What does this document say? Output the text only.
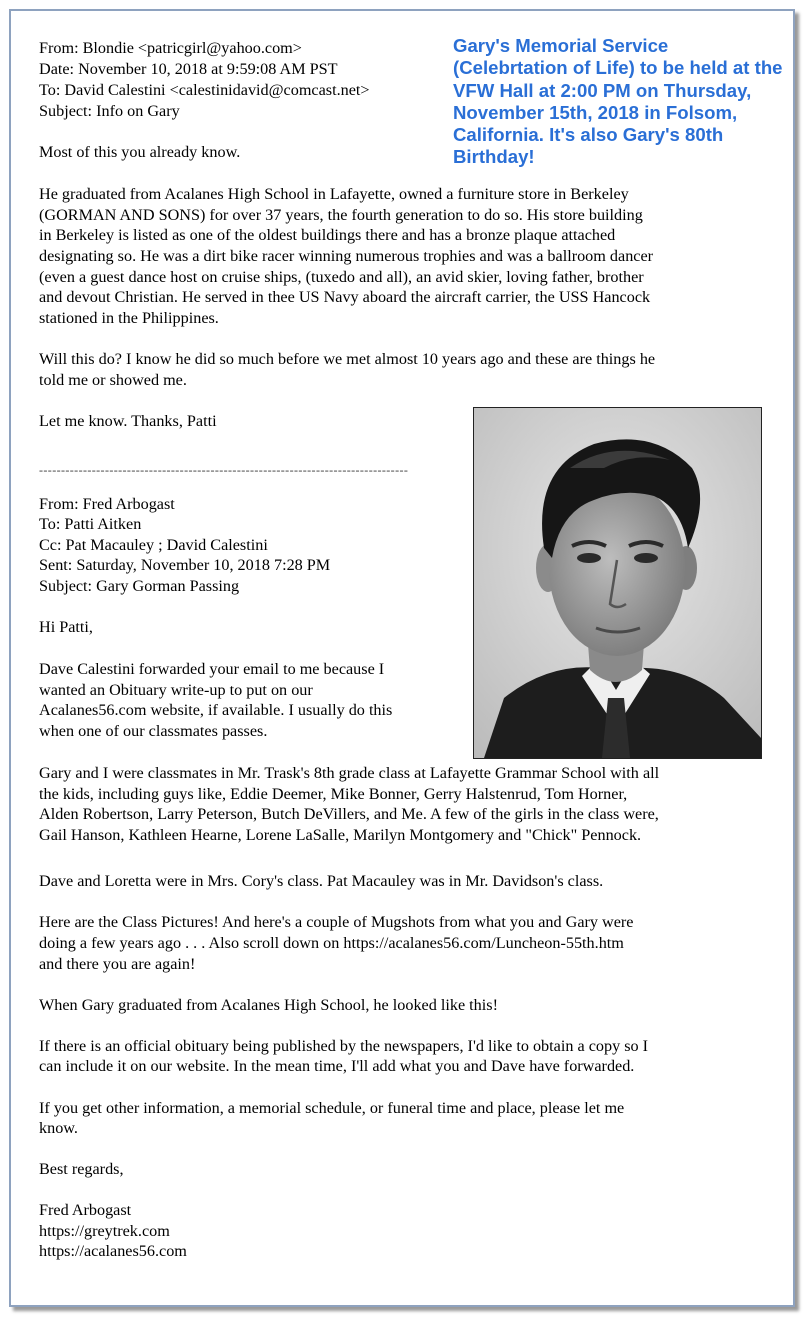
Gary's Memorial Service (Celebrtation of Life) to be held at the VFW Hall at 2:00 PM on Thursday, November 15th, 2018 in Folsom, California. It's also Gary's 80th Birthday!
From: Blondie <patricgirl@yahoo.com>
Date: November 10, 2018 at 9:59:08 AM PST
To: David Calestini <calestinidavid@comcast.net>
Subject: Info on Gary
Most of this you already know.
He graduated from Acalanes High School in Lafayette, owned a furniture store in Berkeley
(GORMAN AND SONS) for over 37 years, the fourth generation to do so. His store building
in Berkeley is listed as one of the oldest buildings there and has a bronze plaque attached
designating so. He was a dirt bike racer winning numerous trophies and was a ballroom dancer
(even a guest dance host on cruise ships, (tuxedo and all), an avid skier, loving father, brother
and devout Christian. He served in thee US Navy aboard the aircraft carrier, the USS Hancock
stationed in the Philippines.
Will this do? I know he did so much before we met almost 10 years ago and these are things he
told me or showed me.
Let me know. Thanks, Patti
------------------------------------------------------------------------------------
From: Fred Arbogast
To: Patti Aitken
Cc: Pat Macauley ; David Calestini
Sent: Saturday, November 10, 2018 7:28 PM
Subject: Gary Gorman Passing
Hi Patti,
Dave Calestini forwarded your email to me because I
wanted an Obituary write-up to put on our
Acalanes56.com website, if available. I usually do this
when one of our classmates passes.
Gary and I were classmates in Mr. Trask's 8th grade class at Lafayette Grammar School with all
the kids, including guys like, Eddie Deemer, Mike Bonner, Gerry Halstenrud, Tom Horner,
Alden Robertson, Larry Peterson, Butch DeVillers, and Me. A few of the girls in the class were,
Gail Hanson, Kathleen Hearne, Lorene LaSalle, Marilyn Montgomery and "Chick" Pennock.
Dave and Loretta were in Mrs. Cory's class. Pat Macauley was in Mr. Davidson's class.
Here are the Class Pictures! And here's a couple of Mugshots from what you and Gary were
doing a few years ago . . . Also scroll down on https://acalanes56.com/Luncheon-55th.htm
and there you are again!
When Gary graduated from Acalanes High School, he looked like this!
If there is an official obituary being published by the newspapers, I'd like to obtain a copy so I
can include it on our website. In the mean time, I'll add what you and Dave have forwarded.
If you get other information, a memorial schedule, or funeral time and place, please let me
know.
Best regards,
Fred Arbogast
https://greytrek.com
https://acalanes56.com
